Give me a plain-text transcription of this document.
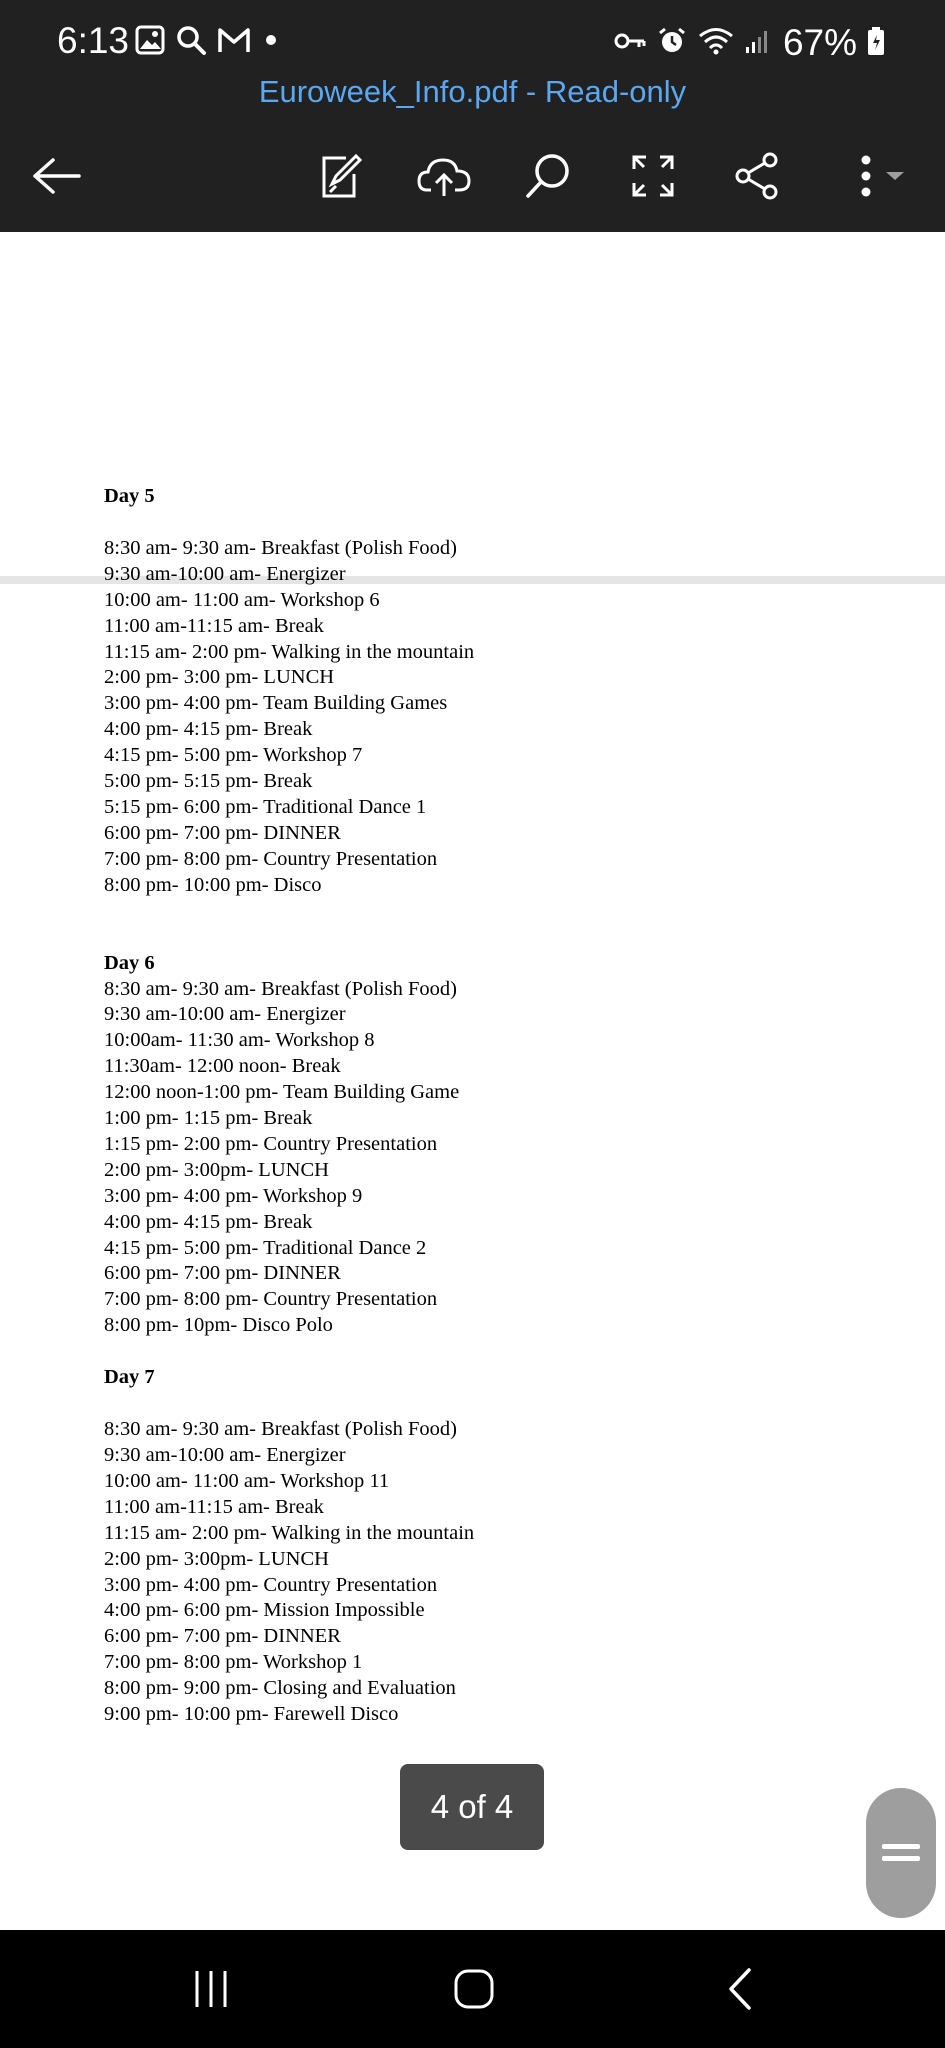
6:13	67%
Euroweek_Info.pdf - Read-only
Day 5
8:30 am- 9:30 am- Breakfast (Polish Food)
9:30 am-10:00 am- Energizer
10:00 am- 11:00 am- Workshop 6
11:00 am-11:15 am- Break
11:15 am- 2:00 pm- Walking in the mountain
2:00 pm- 3:00 pm- LUNCH
3:00 pm- 4:00 pm- Team Building Games
4:00 pm- 4:15 pm- Break
4:15 pm- 5:00 pm- Workshop 7
5:00 pm- 5:15 pm- Break
5:15 pm- 6:00 pm- Traditional Dance 1
6:00 pm- 7:00 pm- DINNER
7:00 pm- 8:00 pm- Country Presentation
8:00 pm- 10:00 pm- Disco
Day 6
8:30 am- 9:30 am- Breakfast (Polish Food)
9:30 am-10:00 am- Energizer
10:00am- 11:30 am- Workshop 8
11:30am- 12:00 noon- Break
12:00 noon-1:00 pm- Team Building Game
1:00 pm- 1:15 pm- Break
1:15 pm- 2:00 pm- Country Presentation
2:00 pm- 3:00pm- LUNCH
3:00 pm- 4:00 pm- Workshop 9
4:00 pm- 4:15 pm- Break
4:15 pm- 5:00 pm- Traditional Dance 2
6:00 pm- 7:00 pm- DINNER
7:00 pm- 8:00 pm- Country Presentation
8:00 pm- 10pm- Disco Polo
Day 7
8:30 am- 9:30 am- Breakfast (Polish Food)
9:30 am-10:00 am- Energizer
10:00 am- 11:00 am- Workshop 11
11:00 am-11:15 am- Break
11:15 am- 2:00 pm- Walking in the mountain
2:00 pm- 3:00pm- LUNCH
3:00 pm- 4:00 pm- Country Presentation
4:00 pm- 6:00 pm- Mission Impossible
6:00 pm- 7:00 pm- DINNER
7:00 pm- 8:00 pm- Workshop 1
8:00 pm- 9:00 pm- Closing and Evaluation
9:00 pm- 10:00 pm- Farewell Disco
4 of 4
